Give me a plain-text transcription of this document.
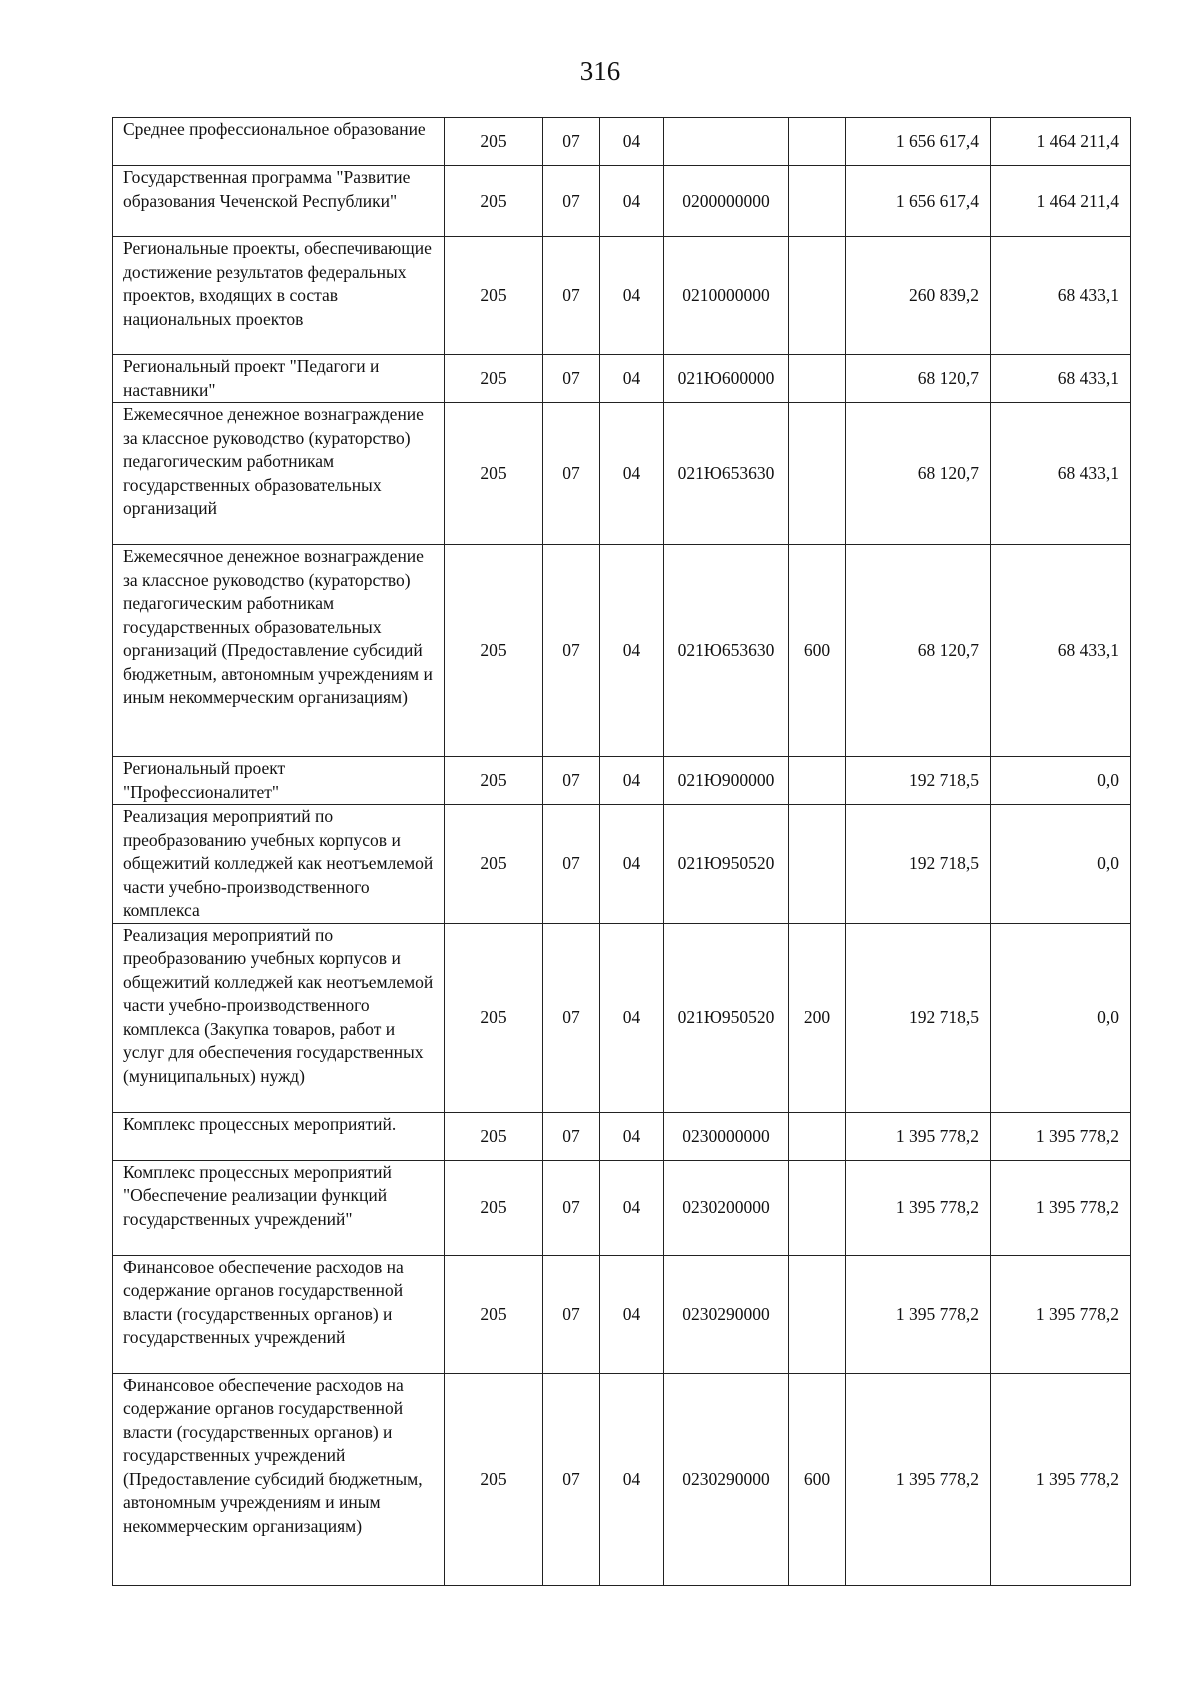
316
Среднее профессиональное образование	205	07	04			1 656 617,4	1 464 211,4
Государственная программа "Развитие образования Чеченской Республики"	205	07	04	0200000000		1 656 617,4	1 464 211,4
Региональные проекты, обеспечивающие достижение результатов федеральных проектов, входящих в состав национальных проектов	205	07	04	0210000000		260 839,2	68 433,1
Региональный проект "Педагоги и наставники"	205	07	04	021Ю600000		68 120,7	68 433,1
Ежемесячное денежное вознаграждение за классное руководство (кураторство) педагогическим работникам государственных образовательных организаций	205	07	04	021Ю653630		68 120,7	68 433,1
Ежемесячное денежное вознаграждение за классное руководство (кураторство) педагогическим работникам государственных образовательных организаций (Предоставление субсидий бюджетным, автономным учреждениям и иным некоммерческим организациям)	205	07	04	021Ю653630	600	68 120,7	68 433,1
Региональный проект "Профессионалитет"	205	07	04	021Ю900000		192 718,5	0,0
Реализация мероприятий по преобразованию учебных корпусов и общежитий колледжей как неотъемлемой части учебно-производственного комплекса	205	07	04	021Ю950520		192 718,5	0,0
Реализация мероприятий по преобразованию учебных корпусов и общежитий колледжей как неотъемлемой части учебно-производственного комплекса (Закупка товаров, работ и услуг для обеспечения государственных (муниципальных) нужд)	205	07	04	021Ю950520	200	192 718,5	0,0
Комплекс процессных мероприятий.	205	07	04	0230000000		1 395 778,2	1 395 778,2
Комплекс процессных мероприятий "Обеспечение реализации функций государственных учреждений"	205	07	04	0230200000		1 395 778,2	1 395 778,2
Финансовое обеспечение расходов на содержание органов государственной власти (государственных органов) и государственных учреждений	205	07	04	0230290000		1 395 778,2	1 395 778,2
Финансовое обеспечение расходов на содержание органов государственной власти (государственных органов) и государственных учреждений (Предоставление субсидий бюджетным, автономным учреждениям и иным некоммерческим организациям)	205	07	04	0230290000	600	1 395 778,2	1 395 778,2
